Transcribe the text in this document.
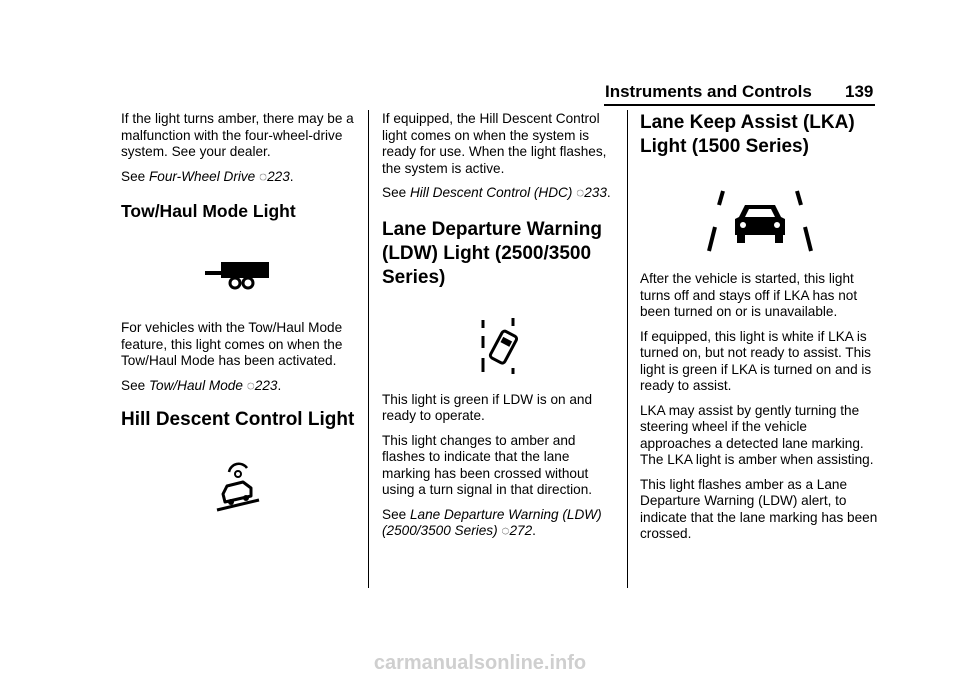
Instruments and Controls 139

If the light turns amber, there may be a malfunction with the four-wheel-drive system. See your dealer.

See Four-Wheel Drive ◌223.

Tow/Haul Mode Light

For vehicles with the Tow/Haul Mode feature, this light comes on when the Tow/Haul Mode has been activated.

See Tow/Haul Mode ◌223.

Hill Descent Control Light

If equipped, the Hill Descent Control light comes on when the system is ready for use. When the light flashes, the system is active.

See Hill Descent Control (HDC) ◌233.

Lane Departure Warning (LDW) Light (2500/3500 Series)

This light is green if LDW is on and ready to operate.

This light changes to amber and flashes to indicate that the lane marking has been crossed without using a turn signal in that direction.

See Lane Departure Warning (LDW) (2500/3500 Series) ◌272.

Lane Keep Assist (LKA) Light (1500 Series)

After the vehicle is started, this light turns off and stays off if LKA has not been turned on or is unavailable.

If equipped, this light is white if LKA is turned on, but not ready to assist. This light is green if LKA is turned on and is ready to assist.

LKA may assist by gently turning the steering wheel if the vehicle approaches a detected lane marking. The LKA light is amber when assisting.

This light flashes amber as a Lane Departure Warning (LDW) alert, to indicate that the lane marking has been crossed.

carmanualsonline.info
